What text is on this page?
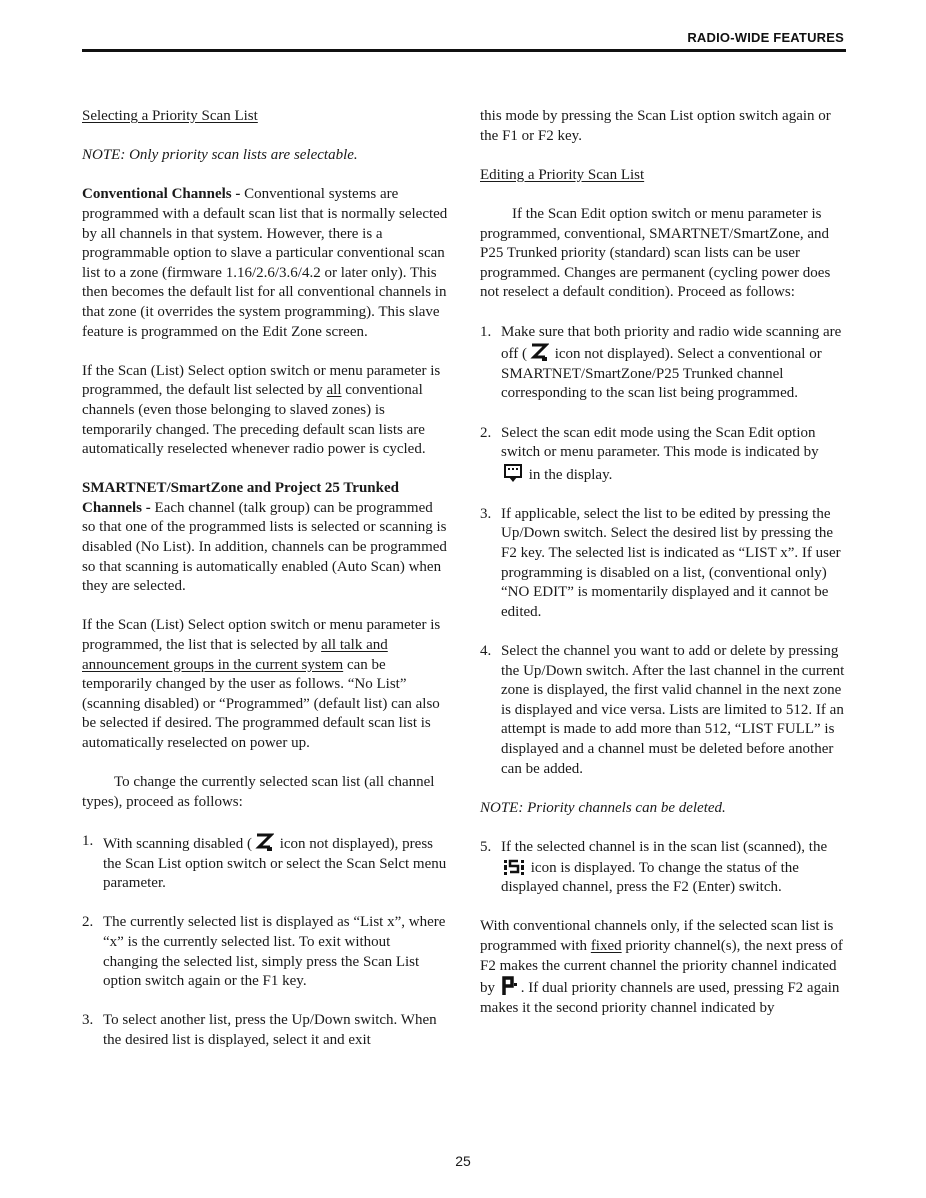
RADIO-WIDE FEATURES

Selecting a Priority Scan List

NOTE: Only priority scan lists are selectable.

Conventional Channels - Conventional systems are programmed with a default scan list that is normally selected by all channels in that system. However, there is a programmable option to slave a particular conventional scan list to a zone (firmware 1.16/2.6/3.6/4.2 or later only). This then becomes the default list for all conventional channels in that zone (it overrides the system programming). This slave feature is programmed on the Edit Zone screen.

If the Scan (List) Select option switch or menu parameter is programmed, the default list selected by all conventional channels (even those belonging to slaved zones) is temporarily changed. The preceding default scan lists are automatically reselected whenever radio power is cycled.

SMARTNET/SmartZone and Project 25 Trunked Channels - Each channel (talk group) can be programmed so that one of the programmed lists is selected or scanning is disabled (No List). In addition, channels can be programmed so that scanning is automatically enabled (Auto Scan) when they are selected.

If the Scan (List) Select option switch or menu parameter is programmed, the list that is selected by all talk and announcement groups in the current system can be temporarily changed by the user as follows. “No List” (scanning disabled) or “Programmed” (default list) can also be selected if desired. The programmed default scan list is automatically reselected on power up.

To change the currently selected scan list (all channel types), proceed as follows:

1. With scanning disabled ( icon not displayed), press the Scan List option switch or select the Scan Selct menu parameter.
2. The currently selected list is displayed as “List x”, where “x” is the currently selected list. To exit without changing the selected list, simply press the Scan List option switch again or the F1 key.
3. To select another list, press the Up/Down switch. When the desired list is displayed, select it and exit

this mode by pressing the Scan List option switch again or the F1 or F2 key.

Editing a Priority Scan List

If the Scan Edit option switch or menu parameter is programmed, conventional, SMARTNET/SmartZone, and P25 Trunked priority (standard) scan lists can be user programmed. Changes are permanent (cycling power does not reselect a default condition). Proceed as follows:

1. Make sure that both priority and radio wide scanning are off ( icon not displayed). Select a conventional or SMARTNET/SmartZone/P25 Trunked channel corresponding to the scan list being programmed.
2. Select the scan edit mode using the Scan Edit option switch or menu parameter. This mode is indicated by  in the display.
3. If applicable, select the list to be edited by pressing the Up/Down switch. Select the desired list by pressing the F2 key. The selected list is indicated as “LIST x”. If user programming is disabled on a list, (conventional only) “NO EDIT” is momentarily displayed and it cannot be edited.
4. Select the channel you want to add or delete by pressing the Up/Down switch. After the last channel in the current zone is displayed, the first valid channel in the next zone is displayed and vice versa. Lists are limited to 512. If an attempt is made to add more than 512, “LIST FULL” is displayed and a channel must be deleted before another can be added.

NOTE: Priority channels can be deleted.

5. If the selected channel is in the scan list (scanned), the  icon is displayed. To change the status of the displayed channel, press the F2 (Enter) switch.

With conventional channels only, if the selected scan list is programmed with fixed priority channel(s), the next press of F2 makes the current channel the priority channel indicated by . If dual priority channels are used, pressing F2 again makes it the second priority channel indicated by

25
